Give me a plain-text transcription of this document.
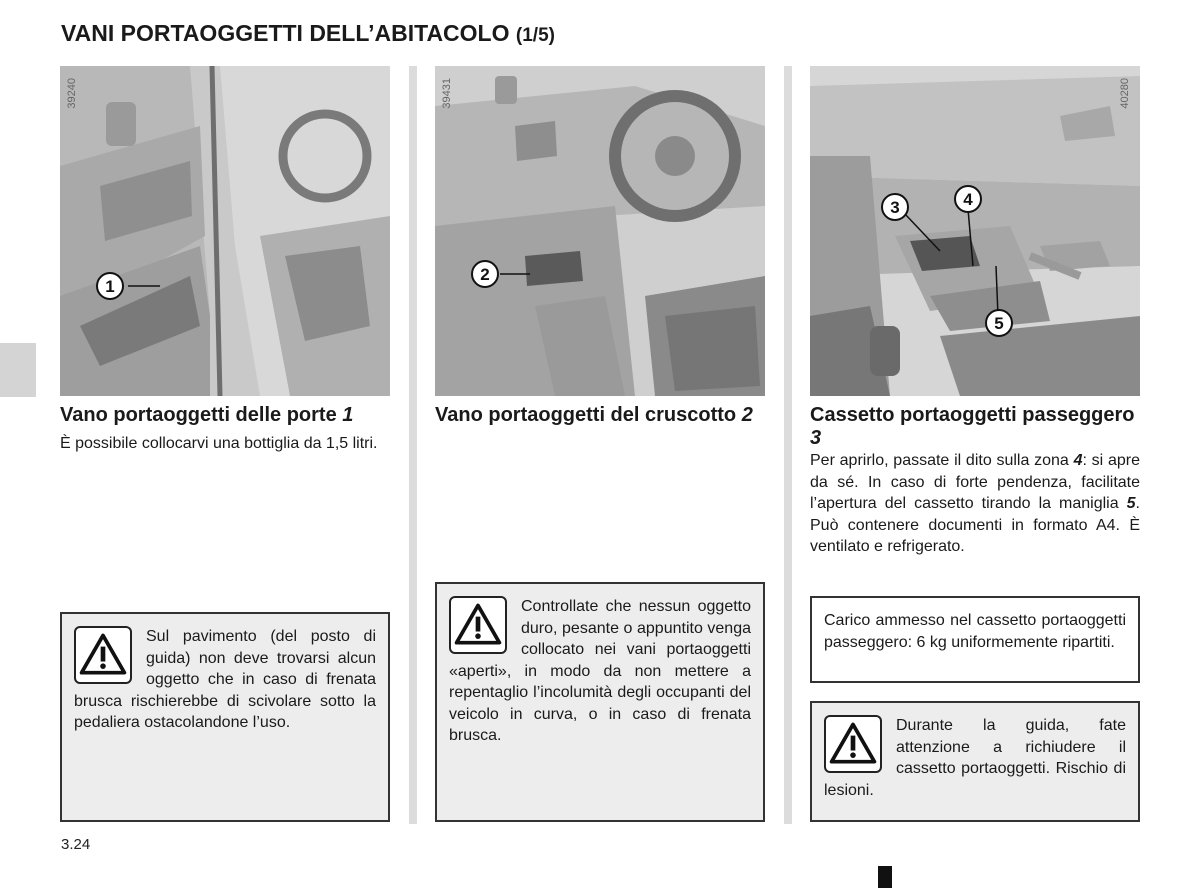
VANI PORTAOGGETTI DELL’ABITACOLO (1/5)
1
39240
Vano portaoggetti delle porte 1

È possibile collocarvi una bottiglia da 1,5 litri.

Sul pavimento (del posto di guida) non deve trovarsi alcun oggetto che in caso di frenata brusca rischierebbe di scivolare sotto la pedaliera ostacolandone l’uso.
2
39431
Vano portaoggetti del cruscotto 2
Controllate che nessun oggetto duro, pesante o appuntito venga collocato nei vani portaoggetti «aperti», in modo da non mettere a repentaglio l’incolumità degli occupanti del veicolo in curva, o in caso di frenata brusca.
3	4
5
40280
Cassetto portaoggetti passeggero 3

Per aprirlo, passate il dito sulla zona 4: si apre da sé. In caso di forte pendenza, facilitate l’apertura del cassetto tirando la maniglia 5. Può contenere documenti in formato A4. È ventilato e refrigerato.

Carico ammesso nel cassetto portaoggetti passeggero: 6 kg uniformemente ripartiti.
Durante la guida, fate attenzione a richiudere il cassetto portaoggetti. Rischio di lesioni.
3.24
